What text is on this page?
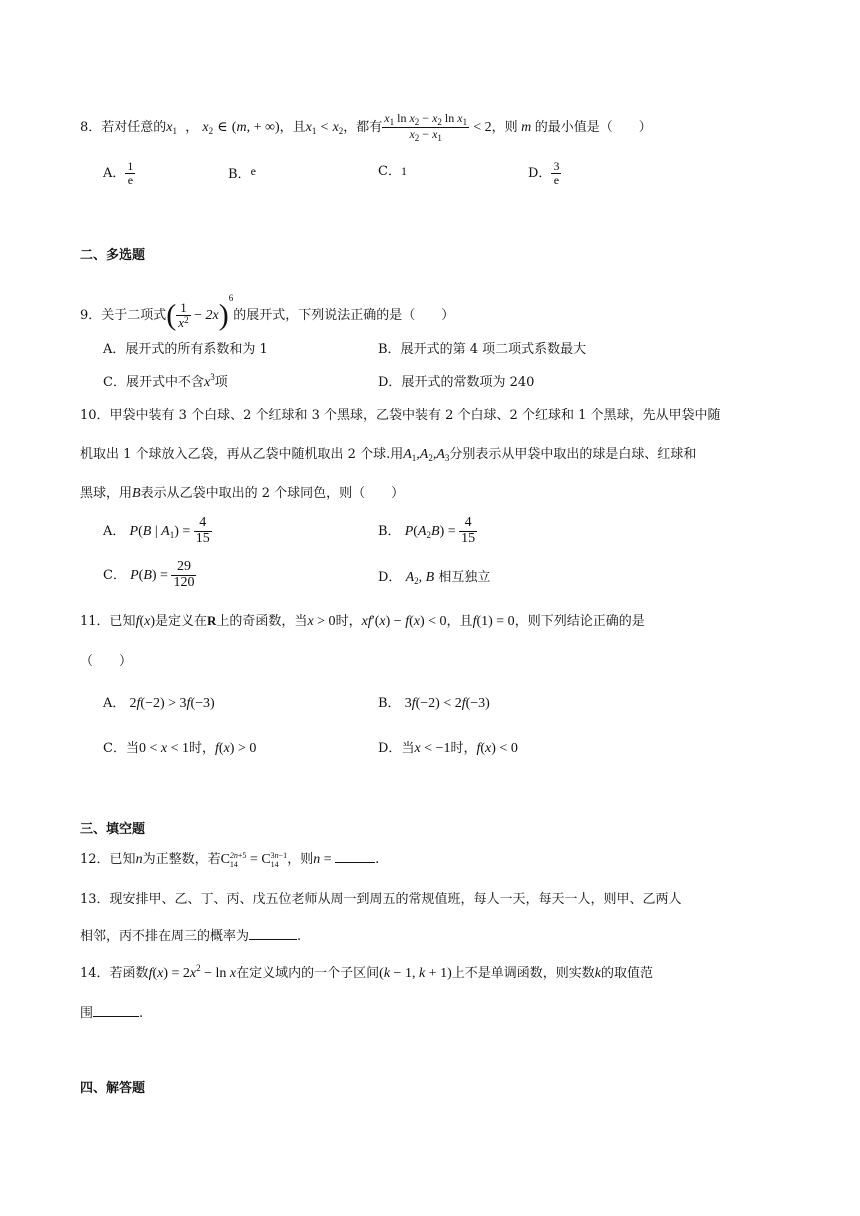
8．若对任意的$x_1$  ， $x_2$ ∈ (m, + ∞)，且$x_1 < x_2$，都有 $\frac{x_1 \ln x_2 - x_2 \ln x_1}{x_2 - x_1} < 2$，则 m 的最小值是（　　）
A． $\frac{1}{e}$	B．e	C．1	D． $\frac{3}{e}$
二、多选题
9．关于二项式( $\frac{1}{x^2} - 2x)^6$的展开式，下列说法正确的是（　　）
A．展开式的所有系数和为 1	B．展开式的第 4 项二项式系数最大
C．展开式中不含$x^3$项	D．展开式的常数项为 240
10．甲袋中装有 3 个白球、2 个红球和 3 个黑球，乙袋中装有 2 个白球、2 个红球和 1 个黑球，先从甲袋中随
机取出 1 个球放入乙袋，再从乙袋中随机取出 2 个球.用$A_1,A_2,A_3$分别表示从甲袋中取出的球是白球、红球和
黑球，用B表示从乙袋中取出的 2 个球同色，则（　　）
A． P(B | $A_1) = \frac{4}{15}$	B． $P(A_2B) = \frac{4}{15}$
C． $P(B) = \frac{29}{120}$	D． $A_2$, B 相互独立
11．已知f(x)是定义在R上的奇函数，当x > 0时，xf′(x) − f(x) < 0，且f(1) = 0，则下列结论正确的是
（　　）
A． 2f(−2) > 3f(−3)	B． 3f(−2) < 2f(−3)
C．当0 < x < 1时，f(x) > 0	D．当x < −1时，f(x) < 0
三、填空题
12．已知n为正整数，若C 2n+5
14 = C 3n−1
14 ，则n =	.
13．现安排甲、乙、丁、丙、戊五位老师从周一到周五的常规值班，每人一天，每天一人，则甲、乙两人
相邻，丙不排在周三的概率为	.
14．若函数$f(x) = 2x^2 - \ln x$在定义域内的一个子区间(k − 1, k + 1)上不是单调函数，则实数k的取值范
围	.
四、解答题
